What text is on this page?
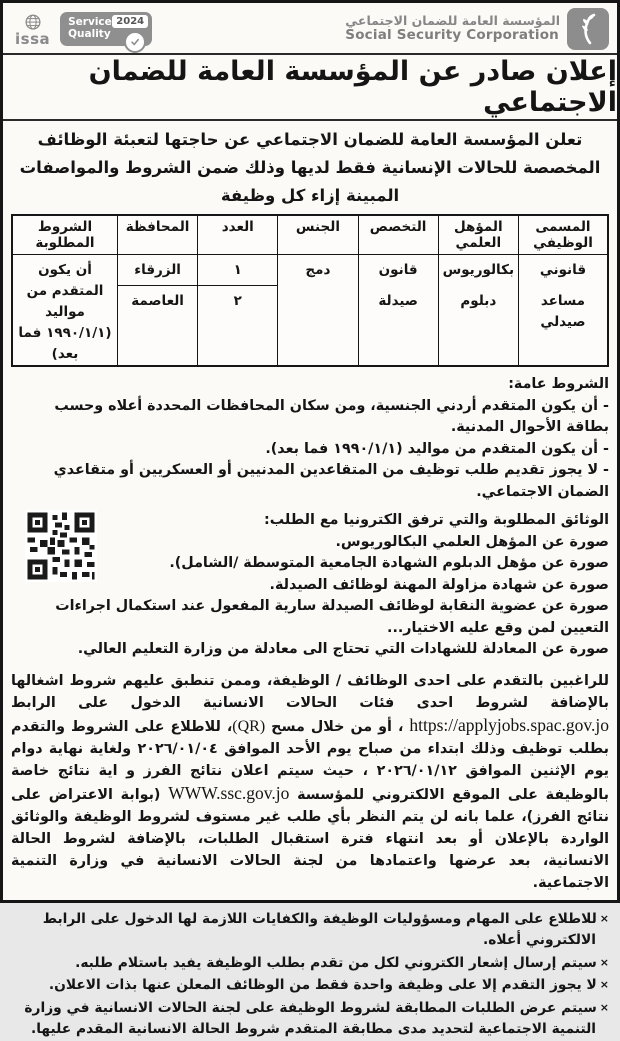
المؤسسة العامة للضمان الاجتماعي
Social Security Corporation
Service
Quality
2024
issa
إعلان صادر عن المؤسسة العامة للضمان الاجتماعي

تعلن المؤسسة العامة للضمان الاجتماعي عن حاجتها لتعبئة الوظائف المخصصة للحالات الإنسانية فقط لديها وذلك ضمن الشروط والمواصفات المبينة إزاء كل وظيفة

المسمى الوظيفي
المؤهل العلمي
التخصص
الجنس
العدد
المحافظة
الشروط المطلوبة
قانوني
مساعد صيدلي
بكالوريوس
دبلوم
قانون
صيدلة
دمج
١
٢
الزرقاء
العاصمة
أن يكون المتقدم من مواليد (١٩٩٠/١/١ فما بعد)
الشروط عامة:
- أن يكون المتقدم أردني الجنسية، ومن سكان المحافظات المحددة أعلاه وحسب بطاقة الأحوال المدنية.
- أن يكون المتقدم من مواليد (١٩٩٠/١/١ فما بعد).
- لا يجوز تقديم طلب توظيف من المتقاعدين المدنيين أو العسكريين أو متقاعدي الضمان الاجتماعي.
الوثائق المطلوبة والتي ترفق الكترونيا مع الطلب:
صورة عن المؤهل العلمي البكالوريوس.
صورة عن مؤهل الدبلوم الشهادة الجامعية المتوسطة /الشامل).
صورة عن شهادة مزاولة المهنة لوظائف الصيدلة.
صورة عن عضوية النقابة لوظائف الصيدلة سارية المفعول عند استكمال اجراءات التعيين لمن وقع عليه الاختيار...
صورة عن المعادلة للشهادات التي تحتاج الى معادلة من وزارة التعليم العالي.

للراغبين بالتقدم على احدى الوظائف / الوظيفة، وممن تنطبق عليهم شروط اشغالها بالإضافة لشروط احدى فئات الحالات الانسانية الدخول على الرابط https://applyjobs.spac.gov.jo ، أو من خلال مسح (QR)، للاطلاع على الشروط والتقدم بطلب توظيف وذلك ابتداء من صباح يوم الأحد الموافق ٢٠٢٦/٠١/٠٤ ولغاية نهاية دوام يوم الإثنين الموافق ٢٠٢٦/٠١/١٢ ، حيث سيتم اعلان نتائج الفرز و اية نتائج خاصة بالوظيفة على الموقع الالكتروني للمؤسسة WWW.ssc.gov.jo (بوابة الاعتراض على نتائج الفرز)، علما بانه لن يتم النظر بأي طلب غير مستوف لشروط الوظيفة والوثائق الواردة بالإعلان أو بعد انتهاء فترة استقبال الطلبات، بالإضافة لشروط الحالة الانسانية، بعد عرضها واعتمادها من لجنة الحالات الانسانية في وزارة التنمية الاجتماعية.

×للاطلاع على المهام ومسؤوليات الوظيفة والكفايات اللازمة لها الدخول على الرابط الالكتروني أعلاه.
×سيتم إرسال إشعار الكتروني لكل من تقدم بطلب الوظيفة يفيد باستلام طلبه.
×لا يجوز التقدم إلا على وظيفة واحدة فقط من الوظائف المعلن عنها بذات الاعلان.
×سيتم عرض الطلبات المطابقة لشروط الوظيفة على لجنة الحالات الانسانية في وزارة التنمية الاجتماعية لتحديد مدى مطابقة المتقدم شروط الحالة الانسانية المقدم عليها.
